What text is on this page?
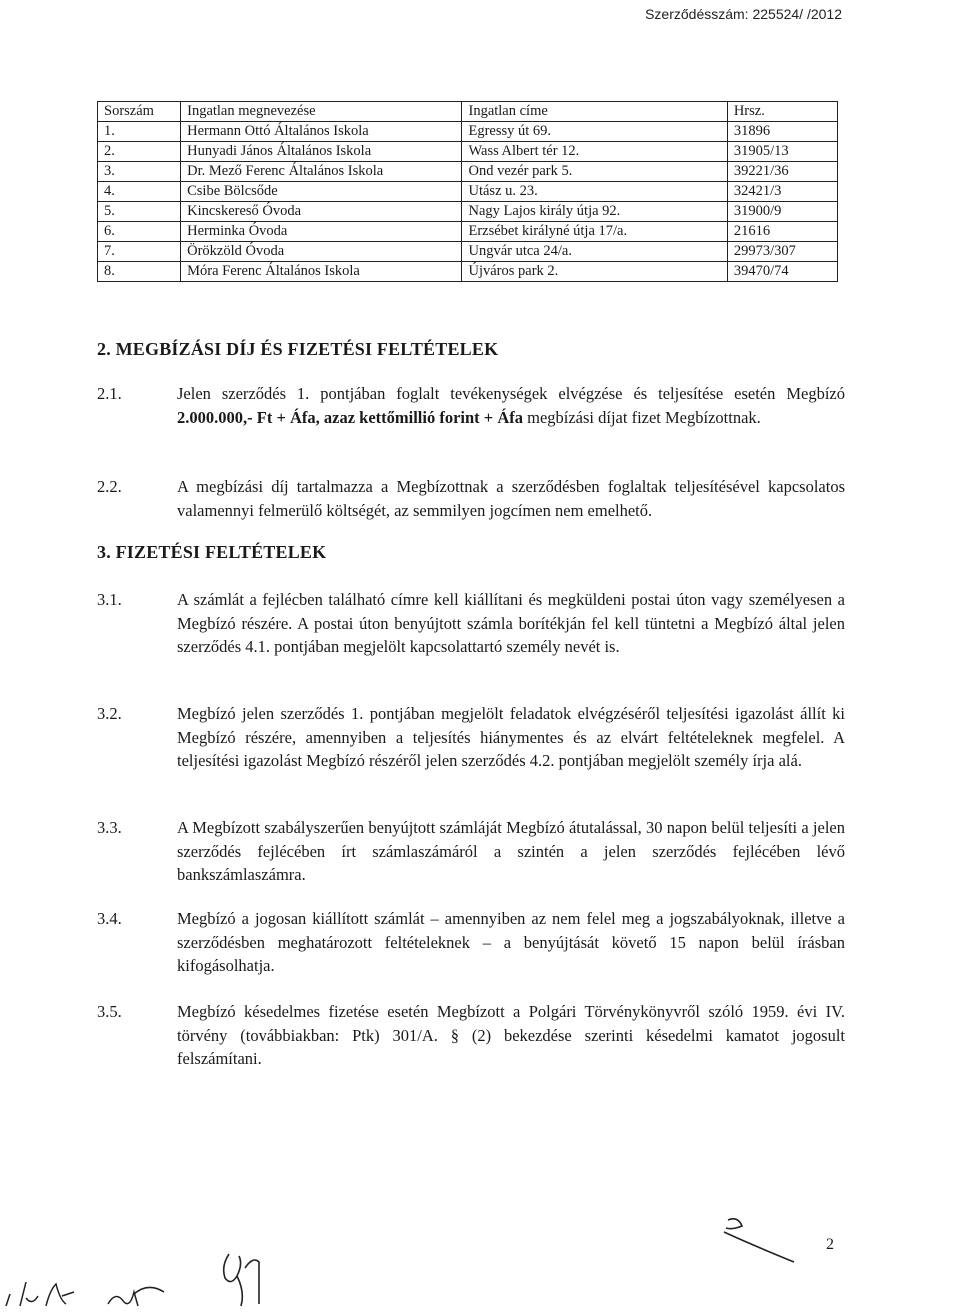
Szerződésszám: 225524/ /2012
Sorszám	Ingatlan megnevezése	Ingatlan címe	Hrsz.
1.	Hermann Ottó Általános Iskola	Egressy út 69.	31896
2.	Hunyadi János Általános Iskola	Wass Albert tér 12.	31905/13
3.	Dr. Mező Ferenc Általános Iskola	Ond vezér park 5.	39221/36
4.	Csibe Bölcsőde	Utász u. 23.	32421/3
5.	Kincskereső Óvoda	Nagy Lajos király útja 92.	31900/9
6.	Herminka Óvoda	Erzsébet királyné útja 17/a.	21616
7.	Örökzöld Óvoda	Ungvár utca 24/a.	29973/307
8.	Móra Ferenc Általános Iskola	Újváros park 2.	39470/74
2. MEGBÍZÁSI DÍJ ÉS FIZETÉSI FELTÉTELEK
2.1.	Jelen szerződés 1. pontjában foglalt tevékenységek elvégzése és teljesítése esetén Megbízó 2.000.000,- Ft + Áfa, azaz kettőmillió forint + Áfa megbízási díjat fizet Megbízottnak.
2.2.	A megbízási díj tartalmazza a Megbízottnak a szerződésben foglaltak teljesítésével kapcsolatos valamennyi felmerülő költségét, az semmilyen jogcímen nem emelhető.
3. FIZETÉSI FELTÉTELEK
3.1.	A számlát a fejlécben található címre kell kiállítani és megküldeni postai úton vagy személyesen a Megbízó részére. A postai úton benyújtott számla borítékján fel kell tüntetni a Megbízó által jelen szerződés 4.1. pontjában megjelölt kapcsolattartó személy nevét is.
3.2.	Megbízó jelen szerződés 1. pontjában megjelölt feladatok elvégzéséről teljesítési igazolást állít ki Megbízó részére, amennyiben a teljesítés hiánymentes és az elvárt feltételeknek megfelel. A teljesítési igazolást Megbízó részéről jelen szerződés 4.2. pontjában megjelölt személy írja alá.
3.3.	A Megbízott szabályszerűen benyújtott számláját Megbízó átutalással, 30 napon belül teljesíti a jelen szerződés fejlécében írt számlaszámáról a szintén a jelen szerződés fejlécében lévő bankszámlaszámra.
3.4.	Megbízó a jogosan kiállított számlát – amennyiben az nem felel meg a jogszabályoknak, illetve a szerződésben meghatározott feltételeknek – a benyújtását követő 15 napon belül írásban kifogásolhatja.
3.5.	Megbízó késedelmes fizetése esetén Megbízott a Polgári Törvénykönyvről szóló 1959. évi IV. törvény (továbbiakban: Ptk) 301/A. § (2) bekezdése szerinti késedelmi kamatot jogosult felszámítani.
2
